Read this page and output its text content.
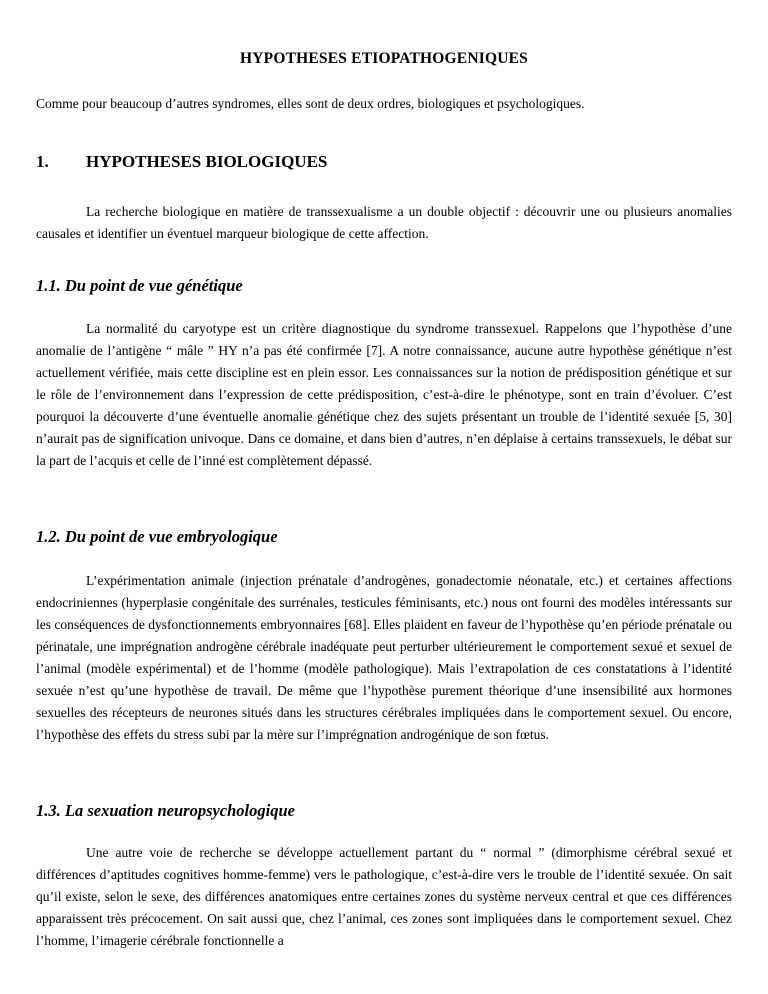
HYPOTHESES ETIOPATHOGENIQUES

Comme pour beaucoup d’autres syndromes, elles sont de deux ordres, biologiques et psychologiques.

1. HYPOTHESES BIOLOGIQUES

La recherche biologique en matière de transsexualisme a un double objectif : découvrir une ou plusieurs anomalies causales et identifier un éventuel marqueur biologique de cette affection.

1.1. Du point de vue génétique

La normalité du caryotype est un critère diagnostique du syndrome transsexuel. Rappelons que l’hypothèse d’une anomalie de l’antigène “ mâle ” HY n’a pas été confirmée [7]. A notre connaissance, aucune autre hypothèse génétique n’est actuellement vérifiée, mais cette discipline est en plein essor. Les connaissances sur la notion de prédisposition génétique et sur le rôle de l’environnement dans l’expression de cette prédisposition, c’est-à-dire le phénotype, sont en train d’évoluer. C’est pourquoi la découverte d’une éventuelle anomalie génétique chez des sujets présentant un trouble de l’identité sexuée [5, 30] n’aurait pas de signification univoque. Dans ce domaine, et dans bien d’autres, n’en déplaise à certains transsexuels, le débat sur la part de l’acquis et celle de l’inné est complètement dépassé.

1.2. Du point de vue embryologique

L’expérimentation animale (injection prénatale d’androgènes, gonadectomie néonatale, etc.) et certaines affections endocriniennes (hyperplasie congénitale des surrénales, testicules féminisants, etc.) nous ont fourni des modèles intéressants sur les conséquences de dysfonctionnements embryonnaires [68]. Elles plaident en faveur de l’hypothèse qu’en période prénatale ou périnatale, une imprégnation androgène cérébrale inadéquate peut perturber ultérieurement le comportement sexué et sexuel de l’animal (modèle expérimental) et de l’homme (modèle pathologique). Mais l’extrapolation de ces constatations à l’identité sexuée n’est qu’une hypothèse de travail. De même que l’hypothèse purement théorique d’une insensibilité aux hormones sexuelles des récepteurs de neurones situés dans les structures cérébrales impliquées dans le comportement sexuel. Ou encore, l’hypothèse des effets du stress subi par la mère sur l’imprégnation androgénique de son fœtus.

1.3. La sexuation neuropsychologique

Une autre voie de recherche se développe actuellement partant du “ normal ” (dimorphisme cérébral sexué et différences d’aptitudes cognitives homme-femme) vers le pathologique, c’est-à-dire vers le trouble de l’identité sexuée. On sait qu’il existe, selon le sexe, des différences anatomiques entre certaines zones du système nerveux central et que ces différences apparaissent très précocement. On sait aussi que, chez l’animal, ces zones sont impliquées dans le comportement sexuel. Chez l’homme, l’imagerie cérébrale fonctionnelle a
